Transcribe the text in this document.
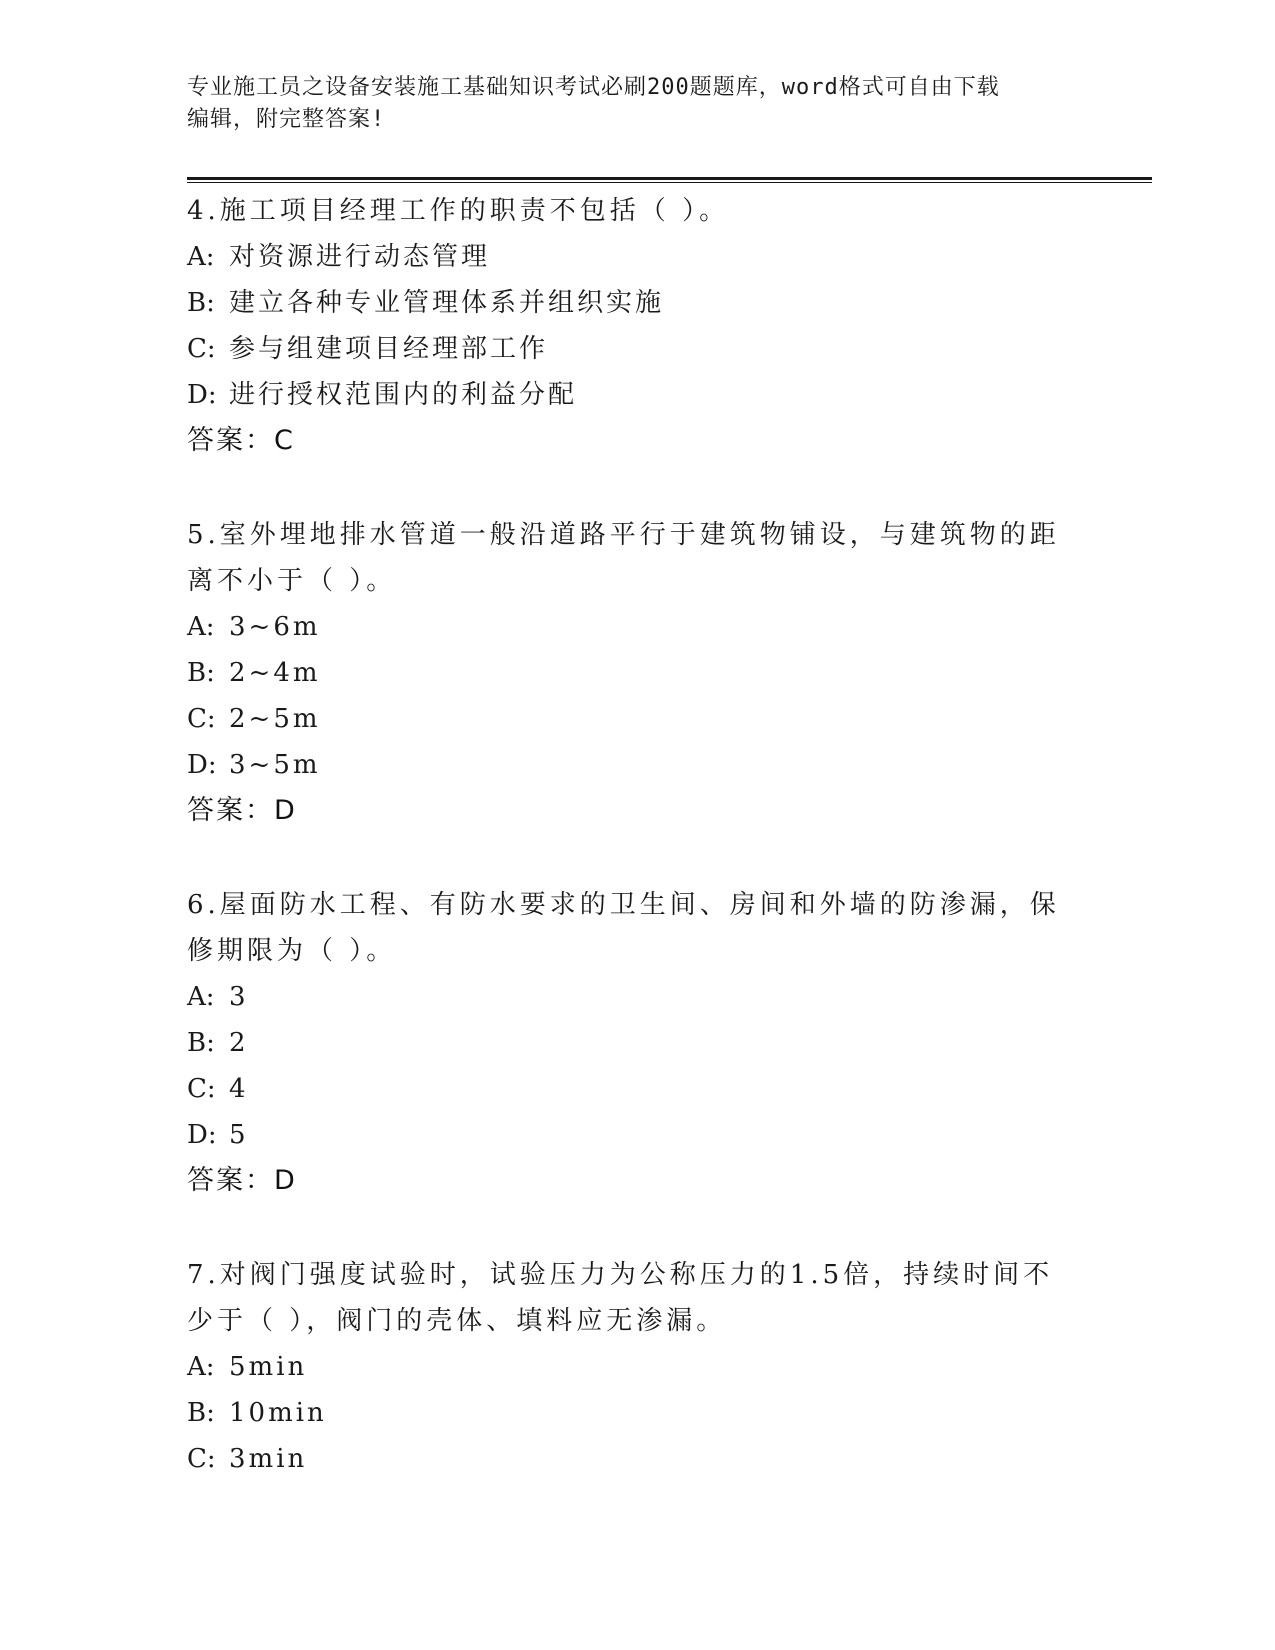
专业施工员之设备安装施工基础知识考试必刷200题题库，word格式可自由下载
编辑，附完整答案!

4.施工项目经理工作的职责不包括（ ）。

A: 对资源进行动态管理

B: 建立各种专业管理体系并组织实施

C: 参与组建项目经理部工作

D: 进行授权范围内的利益分配

答案：C

5.室外埋地排水管道一般沿道路平行于建筑物铺设，与建筑物的距离不小于（ ）。

A: 3~6m

B: 2~4m

C: 2~5m

D: 3~5m

答案：D

6.屋面防水工程、有防水要求的卫生间、房间和外墙的防渗漏，保修期限为（ ）。

A: 3

B: 2

C: 4

D: 5

答案：D

7.对阀门强度试验时，试验压力为公称压力的1.5倍，持续时间不少于（ ），阀门的壳体、填料应无渗漏。

A: 5min

B: 10min

C: 3min
